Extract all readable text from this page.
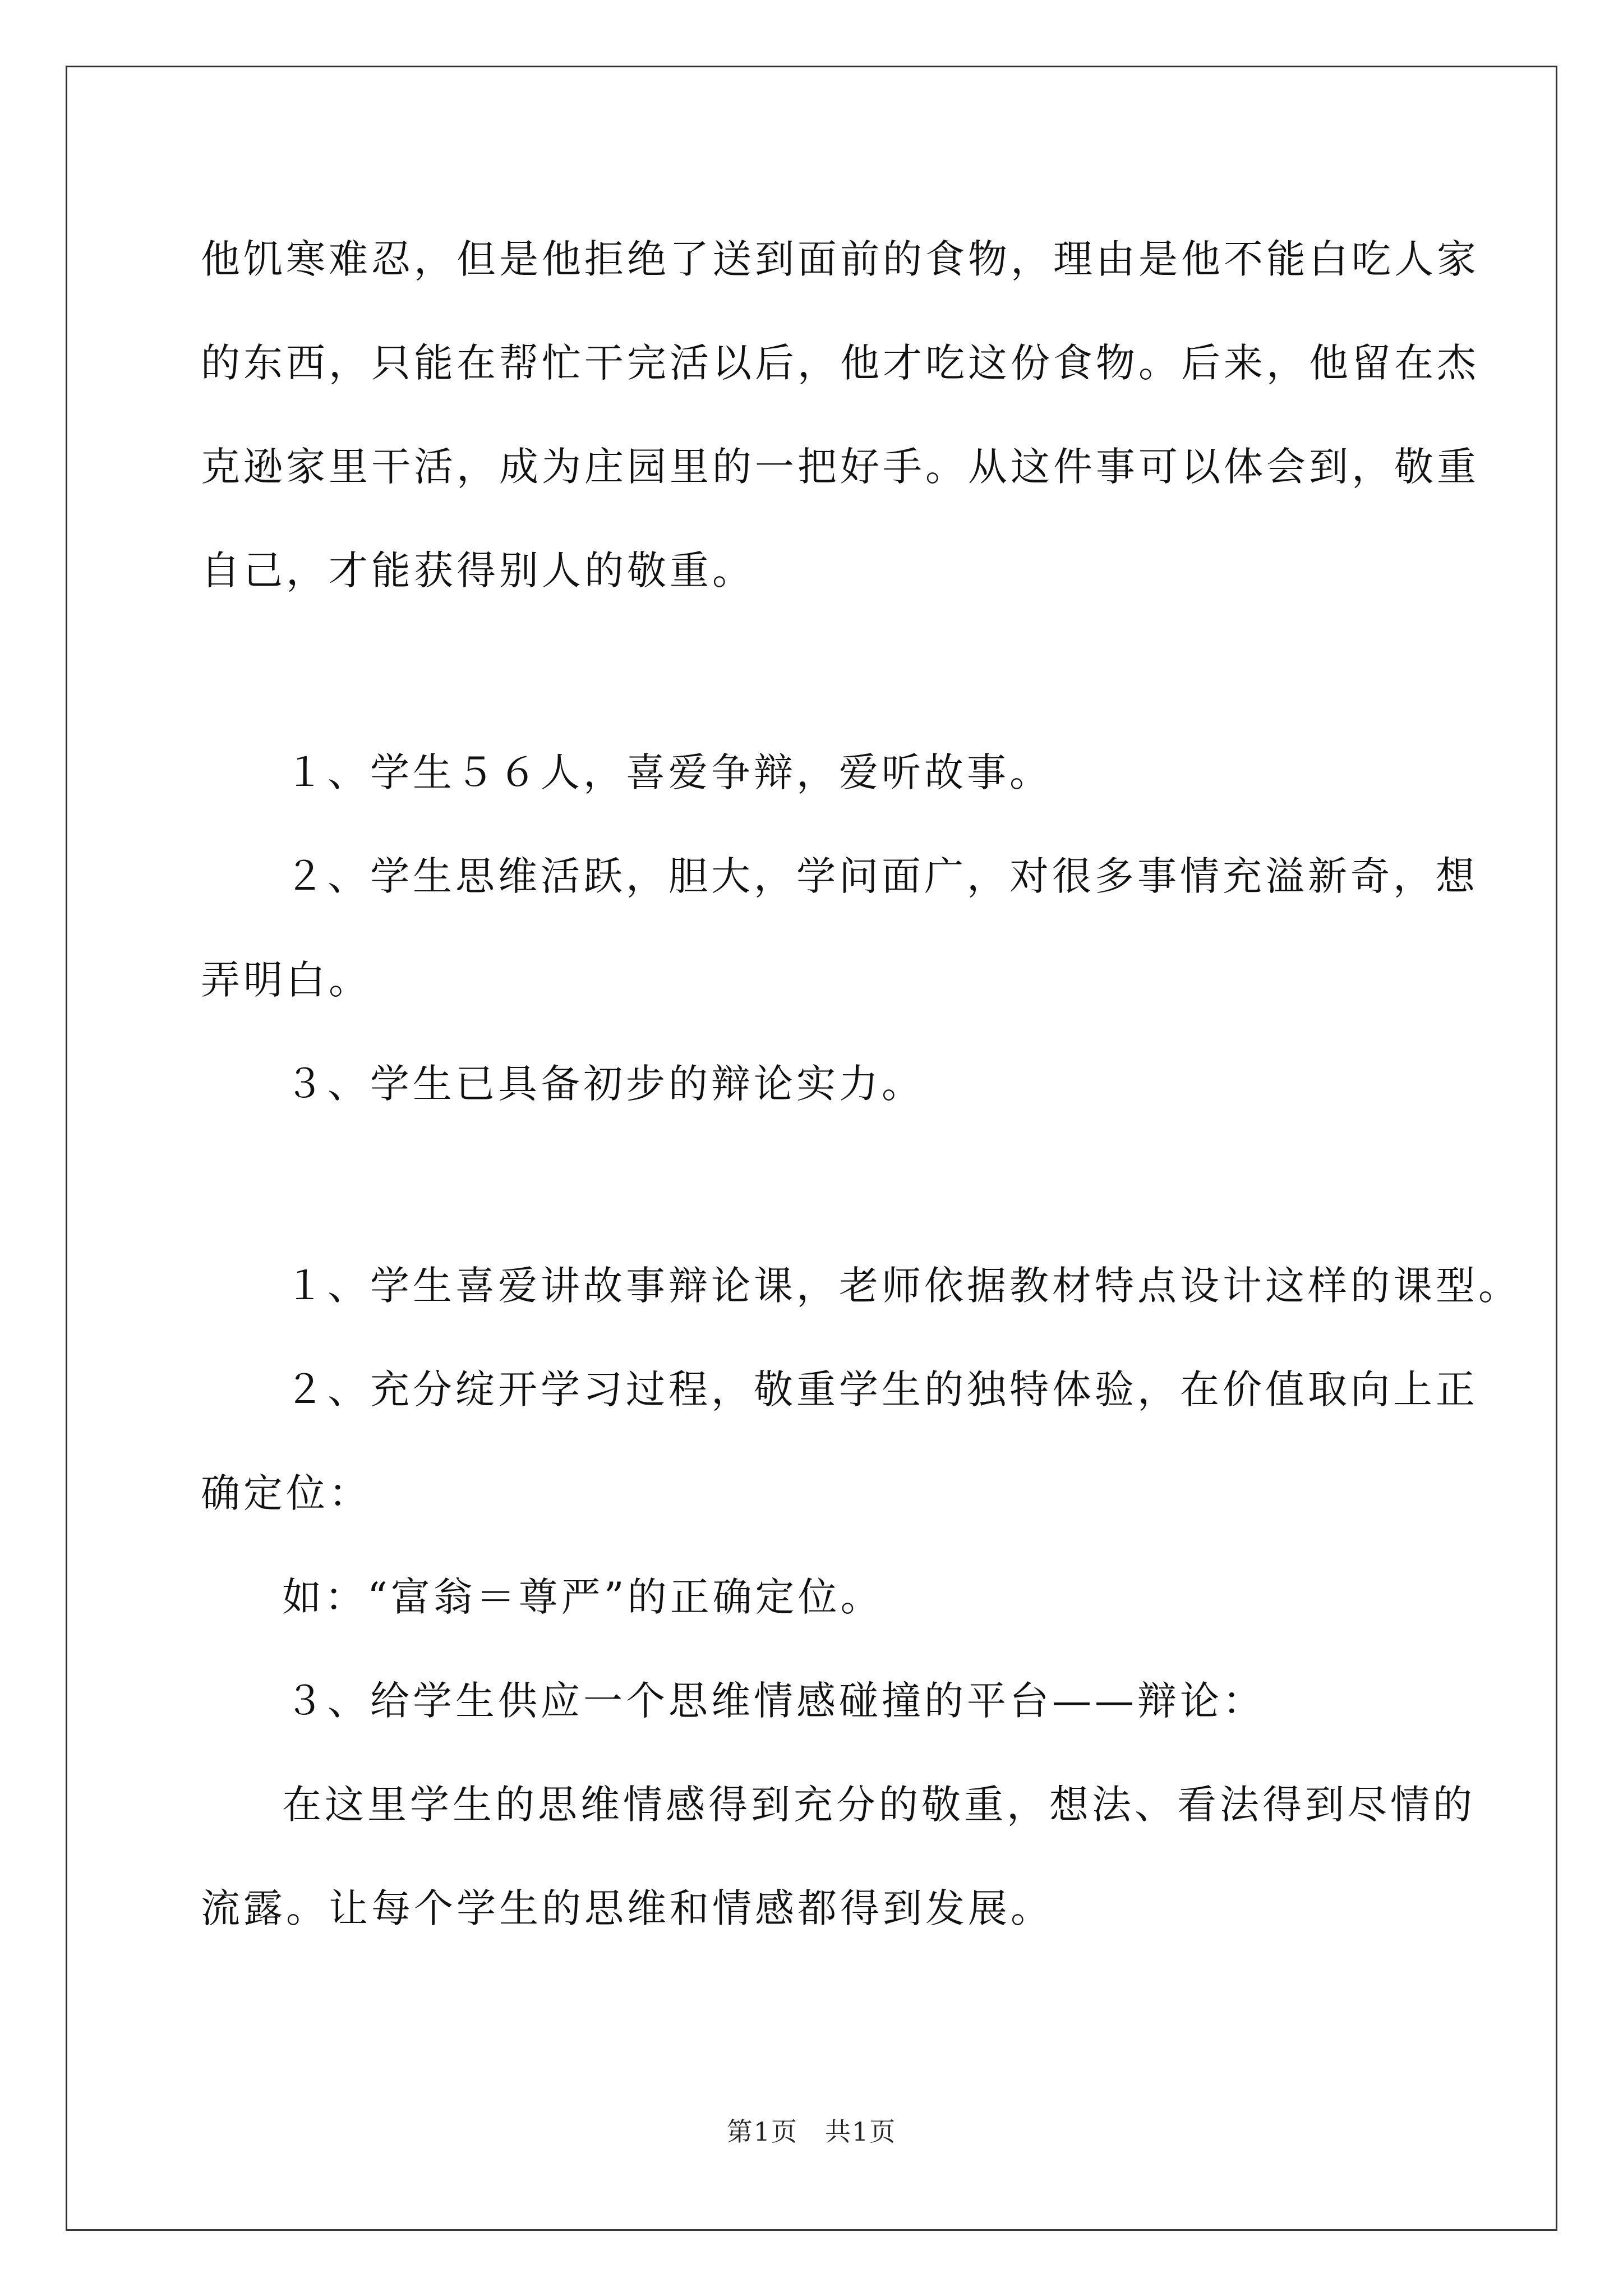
他饥寒难忍，但是他拒绝了送到面前的食物，理由是他不能白吃人家

的东西，只能在帮忙干完活以后，他才吃这份食物。后来，他留在杰

克逊家里干活，成为庄园里的一把好手。从这件事可以体会到，敬重

自己，才能获得别人的敬重。

１、学生５６人，喜爱争辩，爱听故事。

２、学生思维活跃，胆大，学问面广，对很多事情充溢新奇，想

弄明白。

３、学生已具备初步的辩论实力。

１、学生喜爱讲故事辩论课，老师依据教材特点设计这样的课型。

２、充分绽开学习过程，敬重学生的独特体验，在价值取向上正

确定位：

如：“富翁＝尊严”的正确定位。

３、给学生供应一个思维情感碰撞的平台——辩论：

在这里学生的思维情感得到充分的敬重，想法、看法得到尽情的

流露。让每个学生的思维和情感都得到发展。

第1页　共1页
